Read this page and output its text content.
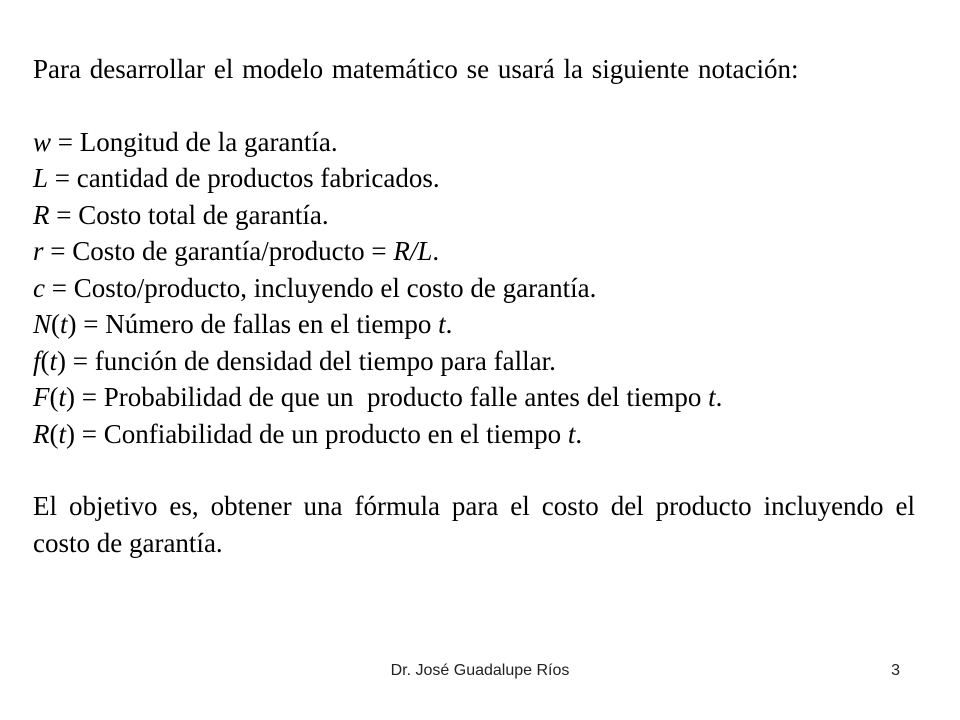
Para desarrollar el modelo matemático se usará la siguiente notación:

w = Longitud de la garantía.
L = cantidad de productos fabricados.
R = Costo total de garantía.
r = Costo de garantía/producto = R/L.
c = Costo/producto, incluyendo el costo de garantía.
N(t) = Número de fallas en el tiempo t.
f(t) = función de densidad del tiempo para fallar.
F(t) = Probabilidad de que un  producto falle antes del tiempo t.
R(t) = Confiabilidad de un producto en el tiempo t.

El objetivo es, obtener una fórmula para el costo del producto incluyendo el costo de garantía.

Dr. José Guadalupe Ríos	3
